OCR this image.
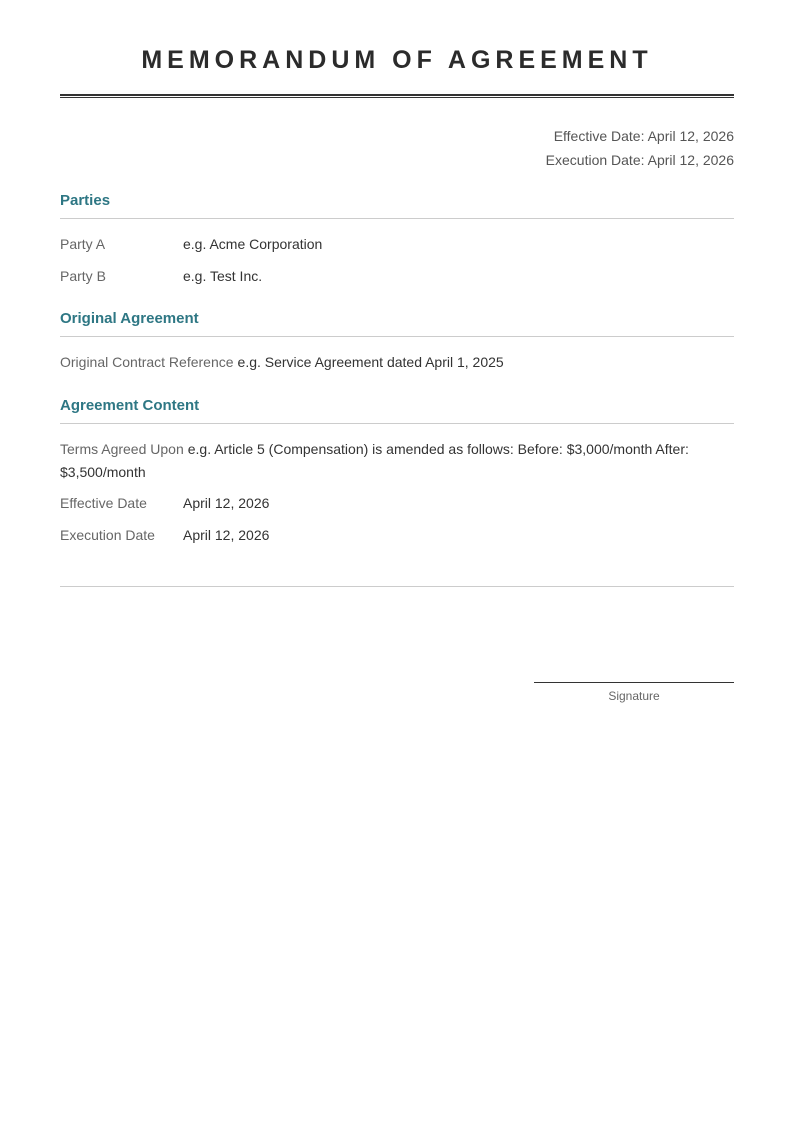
MEMORANDUM OF AGREEMENT
Effective Date: April 12, 2026
Execution Date: April 12, 2026
Parties
Party A	e.g. Acme Corporation
Party B	e.g. Test Inc.
Original Agreement
Original Contract Reference e.g. Service Agreement dated April 1, 2025
Agreement Content
Terms Agreed Upon e.g. Article 5 (Compensation) is amended as follows: Before: $3,000/month After: $3,500/month
Effective Date	April 12, 2026
Execution Date April 12, 2026
Signature
